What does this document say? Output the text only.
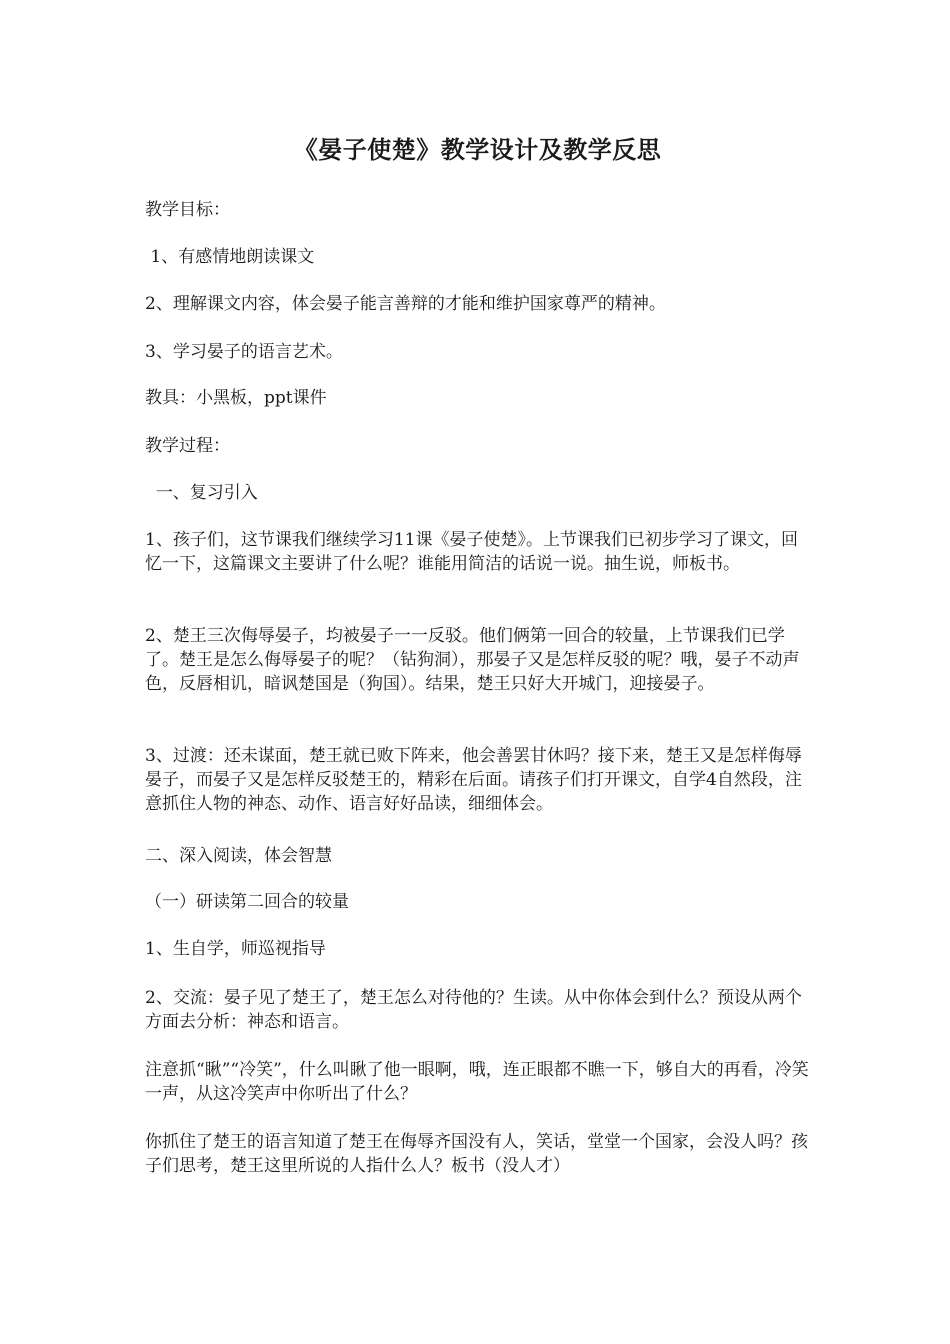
《晏子使楚》教学设计及教学反思

教学目标：

1、有感情地朗读课文

2、理解课文内容，体会晏子能言善辩的才能和维护国家尊严的精神。

3、学习晏子的语言艺术。

教具：小黑板，ppt课件

教学过程：

一、复习引入

1、孩子们，这节课我们继续学习11课《晏子使楚》。上节课我们已初步学习了课文，回忆一下，这篇课文主要讲了什么呢？谁能用简洁的话说一说。抽生说，师板书。

2、楚王三次侮辱晏子，均被晏子一一反驳。他们俩第一回合的较量，上节课我们已学了。楚王是怎么侮辱晏子的呢？（钻狗洞），那晏子又是怎样反驳的呢？哦，晏子不动声色，反唇相讥，暗讽楚国是（狗国）。结果，楚王只好大开城门，迎接晏子。

3、过渡：还未谋面，楚王就已败下阵来，他会善罢甘休吗？接下来，楚王又是怎样侮辱晏子，而晏子又是怎样反驳楚王的，精彩在后面。请孩子们打开课文，自学4自然段，注意抓住人物的神态、动作、语言好好品读，细细体会。

二、深入阅读，体会智慧

（一）研读第二回合的较量

1、生自学，师巡视指导

2、交流：晏子见了楚王了，楚王怎么对待他的？生读。从中你体会到什么？预设从两个方面去分析：神态和语言。

注意抓“瞅”“冷笑”，什么叫瞅了他一眼啊，哦，连正眼都不瞧一下，够自大的再看，冷笑一声，从这冷笑声中你听出了什么？

你抓住了楚王的语言知道了楚王在侮辱齐国没有人，笑话，堂堂一个国家，会没人吗？孩子们思考，楚王这里所说的人指什么人？板书（没人才）
